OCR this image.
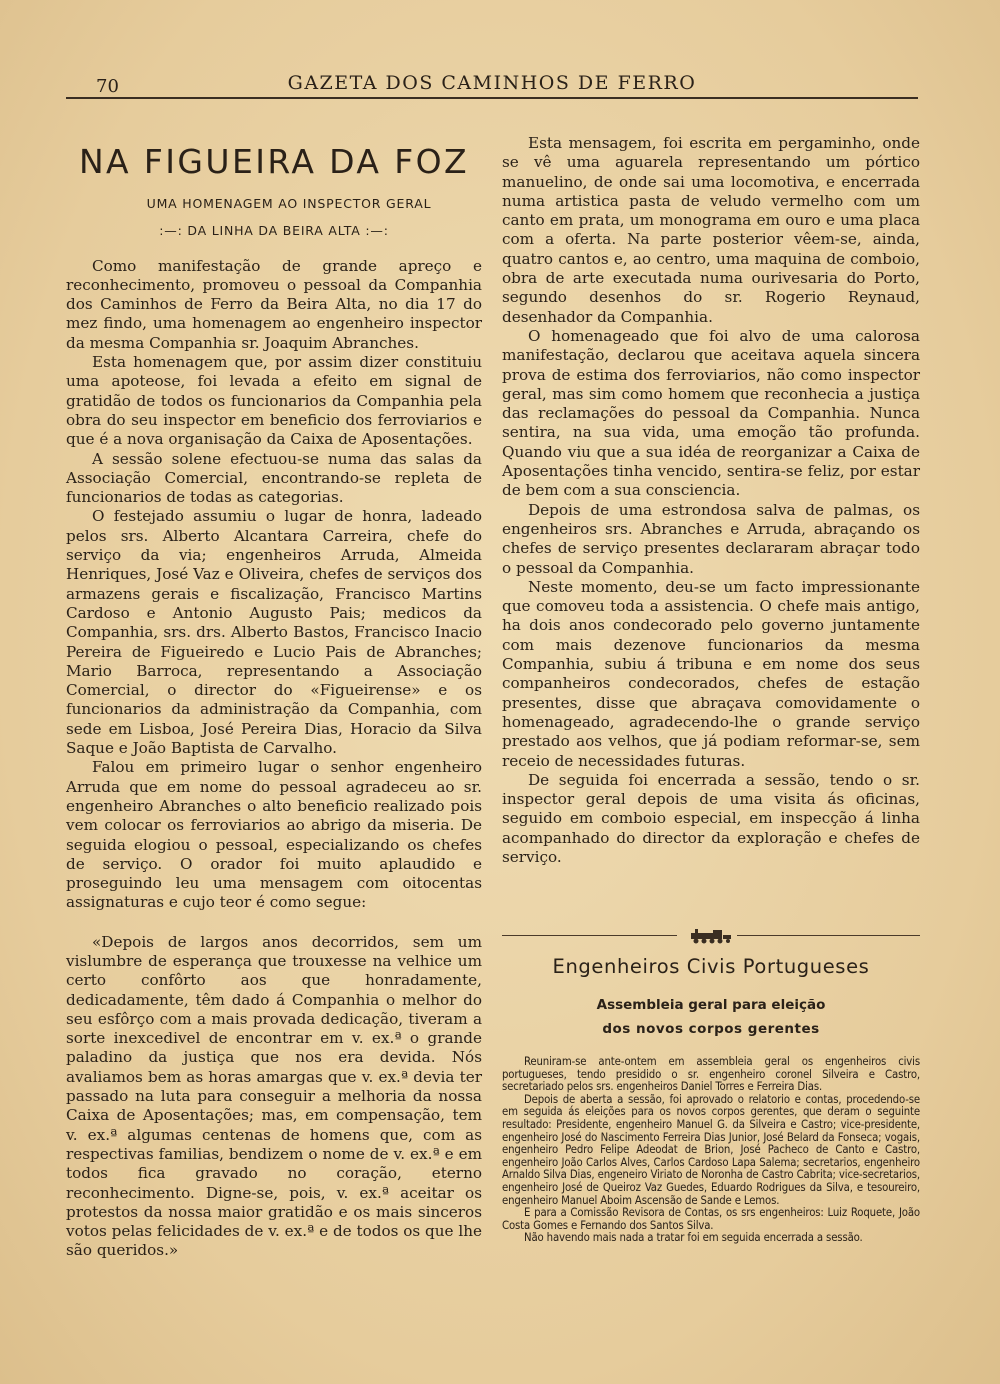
70	GAZETA DOS CAMINHOS DE FERRO
NA FIGUEIRA DA FOZ
UMA HOMENAGEM AO INSPECTOR GERAL
:—: DA LINHA DA BEIRA ALTA :—:

Como manifestação de grande apreço e reconhecimento, promoveu o pessoal da Companhia dos Caminhos de Ferro da Beira Alta, no dia 17 do mez findo, uma homenagem ao engenheiro inspector da mesma Companhia sr. Joaquim Abranches.

Esta homenagem que, por assim dizer constituiu uma apoteose, foi levada a efeito em signal de gratidão de todos os funcionarios da Companhia pela obra do seu inspector em beneficio dos ferroviarios e que é a nova organisação da Caixa de Aposentações.

A sessão solene efectuou-se numa das salas da Associação Comercial, encontrando-se repleta de funcionarios de todas as categorias.

O festejado assumiu o lugar de honra, ladeado pelos srs. Alberto Alcantara Carreira, chefe do serviço da via; engenheiros Arruda, Almeida Henriques, José Vaz e Oliveira, chefes de serviços dos armazens gerais e fiscalização, Francisco Martins Cardoso e Antonio Augusto Pais; medicos da Companhia, srs. drs. Alberto Bastos, Francisco Inacio Pereira de Figueiredo e Lucio Pais de Abranches; Mario Barroca, representando a Associação Comercial, o director do «Figueirense» e os funcionarios da administração da Companhia, com sede em Lisboa, José Pereira Dias, Horacio da Silva Saque e João Baptista de Carvalho.

Falou em primeiro lugar o senhor engenheiro Arruda que em nome do pessoal agradeceu ao sr. engenheiro Abranches o alto beneficio realizado pois vem colocar os ferroviarios ao abrigo da miseria. De seguida elogiou o pessoal, especializando os chefes de serviço. O orador foi muito aplaudido e proseguindo leu uma mensagem com oitocentas assignaturas e cujo teor é como segue:

«Depois de largos anos decorridos, sem um vislumbre de esperança que trouxesse na velhice um certo confôrto aos que honradamente, dedicadamente, têm dado á Companhia o melhor do seu esfôrço com a mais provada dedicação, tiveram a sorte inexcedivel de encontrar em v. ex.ª o grande paladino da justiça que nos era devida. Nós avaliamos bem as horas amargas que v. ex.ª devia ter passado na luta para conseguir a melhoria da nossa Caixa de Aposentações; mas, em compensação, tem v. ex.ª algumas centenas de homens que, com as respectivas familias, bendizem o nome de v. ex.ª e em todos fica gravado no coração, eterno reconhecimento. Digne-se, pois, v. ex.ª aceitar os protestos da nossa maior gratidão e os mais sinceros votos pelas felicidades de v. ex.ª e de todos os que lhe são queridos.»

Esta mensagem, foi escrita em pergaminho, onde se vê uma aguarela representando um pórtico manuelino, de onde sai uma locomotiva, e encerrada numa artistica pasta de veludo vermelho com um canto em prata, um monograma em ouro e uma placa com a oferta. Na parte posterior vêem-se, ainda, quatro cantos e, ao centro, uma maquina de comboio, obra de arte executada numa ourivesaria do Porto, segundo desenhos do sr. Rogerio Reynaud, desenhador da Companhia.

O homenageado que foi alvo de uma calorosa manifestação, declarou que aceitava aquela sincera prova de estima dos ferroviarios, não como inspector geral, mas sim como homem que reconhecia a justiça das reclamações do pessoal da Companhia. Nunca sentira, na sua vida, uma emoção tão profunda. Quando viu que a sua idéa de reorganizar a Caixa de Aposentações tinha vencido, sentira-se feliz, por estar de bem com a sua consciencia.

Depois de uma estrondosa salva de palmas, os engenheiros srs. Abranches e Arruda, abraçando os chefes de serviço presentes declararam abraçar todo o pessoal da Companhia.

Neste momento, deu-se um facto impressionante que comoveu toda a assistencia. O chefe mais antigo, ha dois anos condecorado pelo governo juntamente com mais dezenove funcionarios da mesma Companhia, subiu á tribuna e em nome dos seus companheiros condecorados, chefes de estação presentes, disse que abraçava comovidamente o homenageado, agradecendo-lhe o grande serviço prestado aos velhos, que já podiam reformar-se, sem receio de necessidades futuras.

De seguida foi encerrada a sessão, tendo o sr. inspector geral depois de uma visita ás oficinas, seguido em comboio especial, em inspecção á linha acompanhado do director da exploração e chefes de serviço.

Engenheiros Civis Portugueses
Assembleia geral para eleição
dos novos corpos gerentes

Reuniram-se ante-ontem em assembleia geral os engenheiros civis portugueses, tendo presidido o sr. engenheiro coronel Silveira e Castro, secretariado pelos srs. engenheiros Daniel Torres e Ferreira Dias.

Depois de aberta a sessão, foi aprovado o relatorio e contas, procedendo-se em seguida ás eleições para os novos corpos gerentes, que deram o seguinte resultado: Presidente, engenheiro Manuel G. da Silveira e Castro; vice-presidente, engenheiro José do Nascimento Ferreira Dias Junior, José Belard da Fonseca; vogais, engenheiro Pedro Felipe Adeodat de Brion, José Pacheco de Canto e Castro, engenheiro João Carlos Alves, Carlos Cardoso Lapa Salema; secretarios, engenheiro Arnaldo Silva Dias, engeneiro Viriato de Noronha de Castro Cabrita; vice-secretarios, engenheiro José de Queiroz Vaz Guedes, Eduardo Rodrigues da Silva, e tesoureiro, engenheiro Manuel Aboim Ascensão de Sande e Lemos.

E para a Comissão Revisora de Contas, os srs engenheiros: Luiz Roquete, João Costa Gomes e Fernando dos Santos Silva.

Não havendo mais nada a tratar foi em seguida encerrada a sessão.
